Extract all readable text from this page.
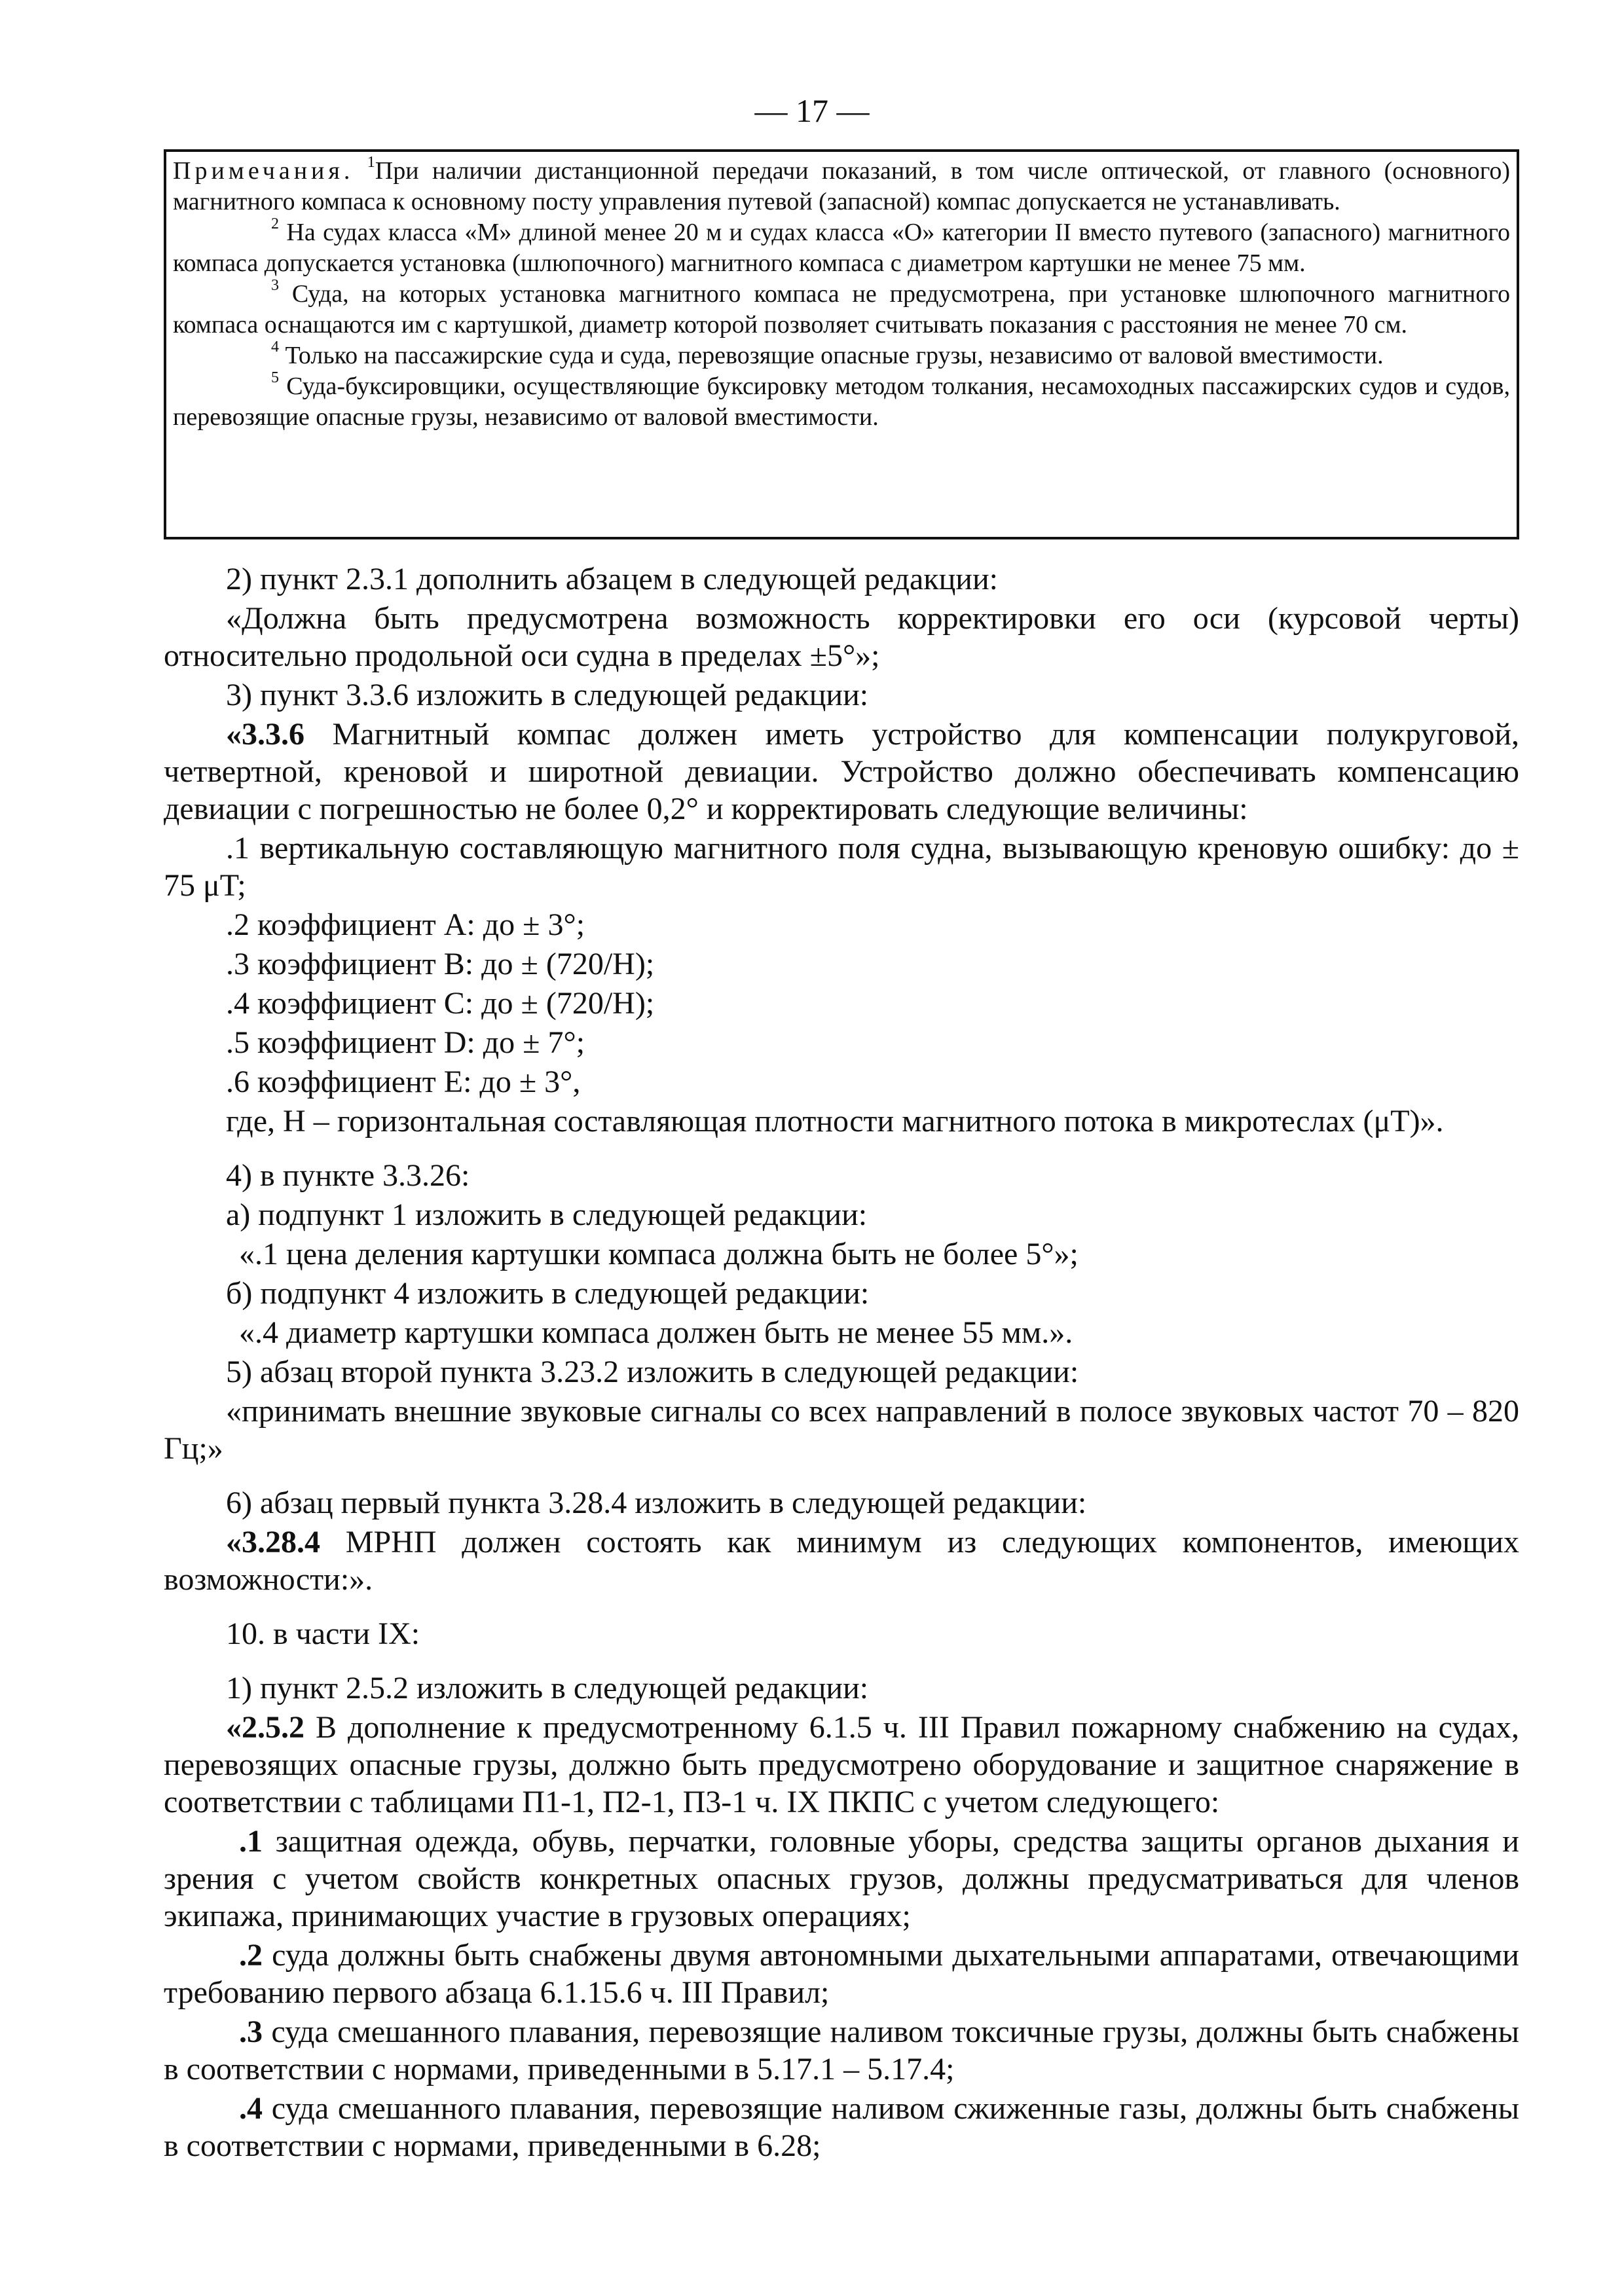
— 17 —

Примечания. $^1$При наличии дистанционной передачи показаний, в том числе оптической, от главного (основного) магнитного компаса к основному посту управления путевой (запасной) компас допускается не устанавливать.

$^2$ На судах класса «М» длиной менее 20 м и судах класса «О» категории II вместо путевого (запасного) магнитного компаса допускается установка (шлюпочного) магнитного компаса с диаметром картушки не менее 75 мм.

$^3$ Суда, на которых установка магнитного компаса не предусмотрена, при установке шлюпочного магнитного компаса оснащаются им с картушкой, диаметр которой позволяет считывать показания с расстояния не менее 70 см.

$^4$ Только на пассажирские суда и суда, перевозящие опасные грузы, независимо от валовой вместимости.

$^5$ Суда-буксировщики, осуществляющие буксировку методом толкания, несамоходных пассажирских судов и судов, перевозящие опасные грузы, независимо от валовой вместимости.

2) пункт 2.3.1 дополнить абзацем в следующей редакции:

«Должна быть предусмотрена возможность корректировки его оси (курсовой черты) относительно продольной оси судна в пределах ±5°»;

3) пункт 3.3.6 изложить в следующей редакции:

«3.3.6 Магнитный компас должен иметь устройство для компенсации полукруговой, четвертной, креновой и широтной девиации. Устройство должно обеспечивать компенсацию девиации с погрешностью не более 0,2° и корректировать следующие величины:

.1 вертикальную составляющую магнитного поля судна, вызывающую креновую ошибку: до ± 75 μT;

.2 коэффициент А: до ± 3°;

.3 коэффициент В: до ± (720/Н);

.4 коэффициент С: до ± (720/Н);

.5 коэффициент D: до ± 7°;

.6 коэффициент Е: до ± 3°,

где, Н – горизонтальная составляющая плотности магнитного потока в микротеслах (μT)».

4) в пункте 3.3.26:

а) подпункт 1 изложить в следующей редакции:

«.1 цена деления картушки компаса должна быть не более 5°»;

б) подпункт 4 изложить в следующей редакции:

«.4 диаметр картушки компаса должен быть не менее 55 мм.».

5) абзац второй пункта 3.23.2 изложить в следующей редакции:

«принимать внешние звуковые сигналы со всех направлений в полосе звуковых частот 70 – 820 Гц;»

6) абзац первый пункта 3.28.4 изложить в следующей редакции:

«3.28.4 МРНП должен состоять как минимум из следующих компонентов, имеющих возможности:».

10. в части IX:

1) пункт 2.5.2 изложить в следующей редакции:

«2.5.2 В дополнение к предусмотренному 6.1.5 ч. III Правил пожарному снабжению на судах, перевозящих опасные грузы, должно быть предусмотрено оборудование и защитное снаряжение в соответствии с таблицами П1-1, П2-1, П3-1 ч. IX ПКПС с учетом следующего:

.1 защитная одежда, обувь, перчатки, головные уборы, средства защиты органов дыхания и зрения с учетом свойств конкретных опасных грузов, должны предусматриваться для членов экипажа, принимающих участие в грузовых операциях;

.2 суда должны быть снабжены двумя автономными дыхательными аппаратами, отвечающими требованию первого абзаца 6.1.15.6 ч. III Правил;

.3 суда смешанного плавания, перевозящие наливом токсичные грузы, должны быть снабжены в соответствии с нормами, приведенными в 5.17.1 – 5.17.4;

.4 суда смешанного плавания, перевозящие наливом сжиженные газы, должны быть снабжены в соответствии с нормами, приведенными в 6.28;
